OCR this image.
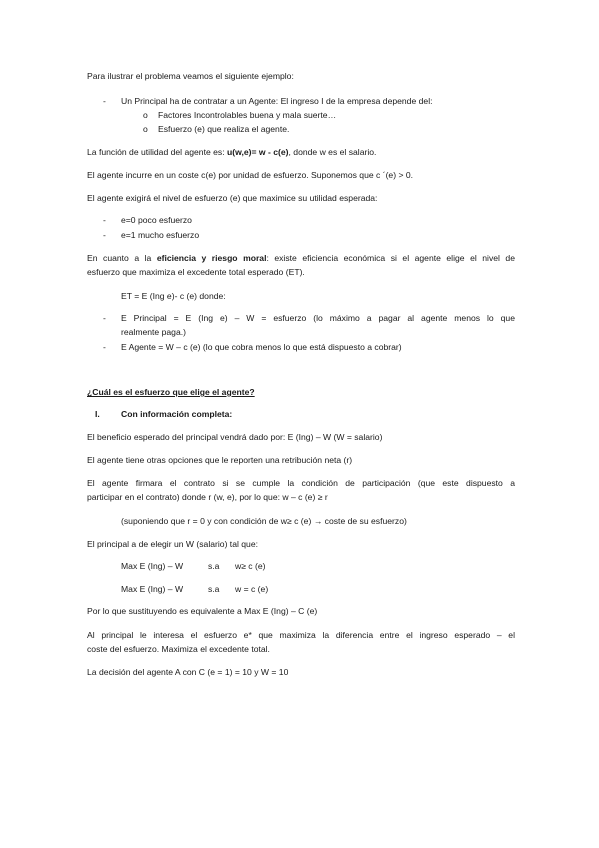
Para ilustrar el problema veamos el siguiente ejemplo:
- Un Principal ha de contratar a un Agente: El ingreso I de la empresa depende del:
o Factores Incontrolables buena y mala suerte…
o Esfuerzo (e) que realiza el agente.
La función de utilidad del agente es: u(w,e)= w - c(e), donde w es el salario.
El agente incurre en un coste c(e) por unidad de esfuerzo. Suponemos que c ´(e) > 0.
El agente exigirá el nivel de esfuerzo (e) que maximice su utilidad esperada:
- e=0 poco esfuerzo
- e=1 mucho esfuerzo
En cuanto a la eficiencia y riesgo moral: existe eficiencia económica si el agente elige el nivel de
esfuerzo que maximiza el excedente total esperado (ET).
ET = E (Ing e)- c (e) donde:
- E Principal = E (Ing e) – W = esfuerzo (lo máximo a pagar al agente menos lo que
realmente paga.)
- E Agente = W – c (e) (lo que cobra menos lo que está dispuesto a cobrar)
¿Cuál es el esfuerzo que elige el agente?
I. Con información completa:
El beneficio esperado del principal vendrá dado por: E (Ing) – W (W = salario)
El agente tiene otras opciones que le reporten una retribución neta (r)
El agente firmara el contrato si se cumple la condición de participación (que este dispuesto a
participar en el contrato) donde r (w, e), por lo que: w – c (e) ≥ r
(suponiendo que r = 0 y con condición de w≥ c (e) → coste de su esfuerzo)
El principal a de elegir un W (salario) tal que:
Max E (Ing) – W	s.a w≥ c (e)
Max E (Ing) – W	s.a w = c (e)
Por lo que sustituyendo es equivalente a Max E (Ing) – C (e)
Al principal le interesa el esfuerzo e* que maximiza la diferencia entre el ingreso esperado – el
coste del esfuerzo. Maximiza el excedente total.
La decisión del agente A con C (e = 1) = 10 y W = 10
